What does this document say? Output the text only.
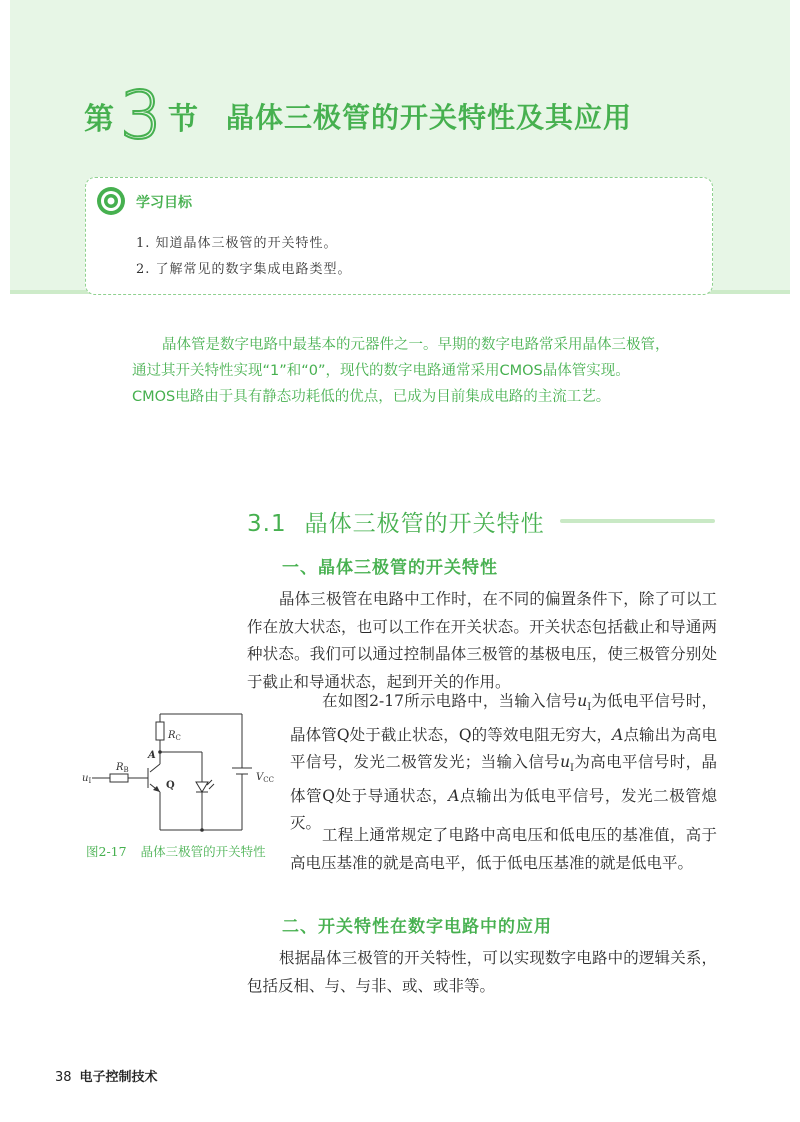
第 3 节 晶体三极管的开关特性及其应用
学习目标
1. 知道晶体三极管的开关特性。
2. 了解常见的数字集成电路类型。

晶体管是数字电路中最基本的元器件之一。早期的数字电路常采用晶体三极管，

通过其开关特性实现“1”和“0”，现代的数字电路通常采用CMOS晶体管实现。

CMOS电路由于具有静态功耗低的优点，已成为目前集成电路的主流工艺。

3.1 晶体三极管的开关特性
一、晶体三极管的开关特性

晶体三极管在电路中工作时，在不同的偏置条件下，除了可以工作在放大状态，也可以工作在开关状态。开关状态包括截止和导通两种状态。我们可以通过控制晶体三极管的基极电压，使三极管分别处于截止和导通状态，起到开关的作用。

在如图2-17所示电路中，当输入信号$u_I$为低电平信号时，晶体管Q处于截止状态，Q的等效电阻无穷大，A点输出为高电平信号，发光二极管发光；当输入信号$u_I$为高电平信号时，晶体管Q处于导通状态，A点输出为低电平信号，发光二极管熄灭。

工程上通常规定了电路中高电压和低电压的基准值，高于高电压基准的就是高电平，低于低电压基准的就是低电平。

$R_C$
A
$R_B$
$u_I$	Q
$V_{CC}$
图2-17 晶体三极管的开关特性
二、开关特性在数字电路中的应用

根据晶体三极管的开关特性，可以实现数字电路中的逻辑关系，包括反相、与、与非、或、或非等。

38 电子控制技术
